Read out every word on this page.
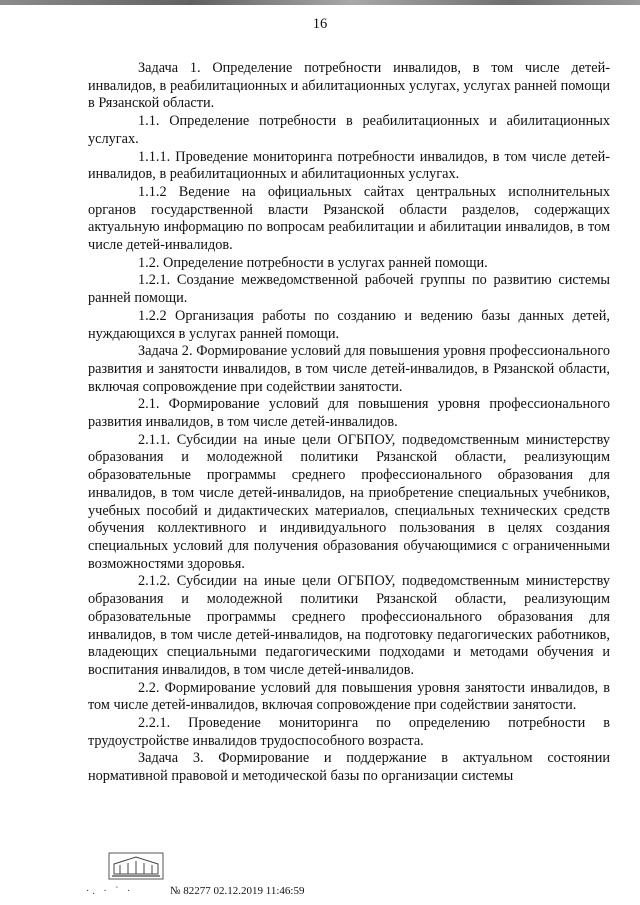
16

Задача 1. Определение потребности инвалидов, в том числе детей-инвалидов, в реабилитационных и абилитационных услугах, услугах ранней помощи в Рязанской области.

1.1. Определение потребности в реабилитационных и абилитационных услугах.

1.1.1. Проведение мониторинга потребности инвалидов, в том числе детей-инвалидов, в реабилитационных и абилитационных услугах.

1.1.2 Ведение на официальных сайтах центральных исполнительных органов государственной власти Рязанской области разделов, содержащих актуальную информацию по вопросам реабилитации и абилитации инвалидов, в том числе детей-инвалидов.

1.2. Определение потребности в услугах ранней помощи.

1.2.1. Создание межведомственной рабочей группы по развитию системы ранней помощи.

1.2.2 Организация работы по созданию и ведению базы данных детей, нуждающихся в услугах ранней помощи.

Задача 2. Формирование условий для повышения уровня профессионального развития и занятости инвалидов, в том числе детей-инвалидов, в Рязанской области, включая сопровождение при содействии занятости.

2.1. Формирование условий для повышения уровня профессионального развития инвалидов, в том числе детей-инвалидов.

2.1.1. Субсидии на иные цели ОГБПОУ, подведомственным министерству образования и молодежной политики Рязанской области, реализующим образовательные программы среднего профессионального образования для инвалидов, в том числе детей-инвалидов, на приобретение специальных учебников, учебных пособий и дидактических материалов, специальных технических средств обучения коллективного и индивидуального пользования в целях создания специальных условий для получения образования обучающимися с ограниченными возможностями здоровья.

2.1.2. Субсидии на иные цели ОГБПОУ, подведомственным министерству образования и молодежной политики Рязанской области, реализующим образовательные программы среднего профессионального образования для инвалидов, в том числе детей-инвалидов, на подготовку педагогических работников, владеющих специальными педагогическими подходами и методами обучения и воспитания инвалидов, в том числе детей-инвалидов.

2.2. Формирование условий для повышения уровня занятости инвалидов, в том числе детей-инвалидов, включая сопровождение при содействии занятости.

2.2.1. Проведение мониторинга по определению потребности в трудоустройстве инвалидов трудоспособного возраста.

Задача 3. Формирование и поддержание в актуальном состоянии нормативной правовой и методической базы по организации системы

·. · ` ·	№ 82277 02.12.2019 11:46:59
